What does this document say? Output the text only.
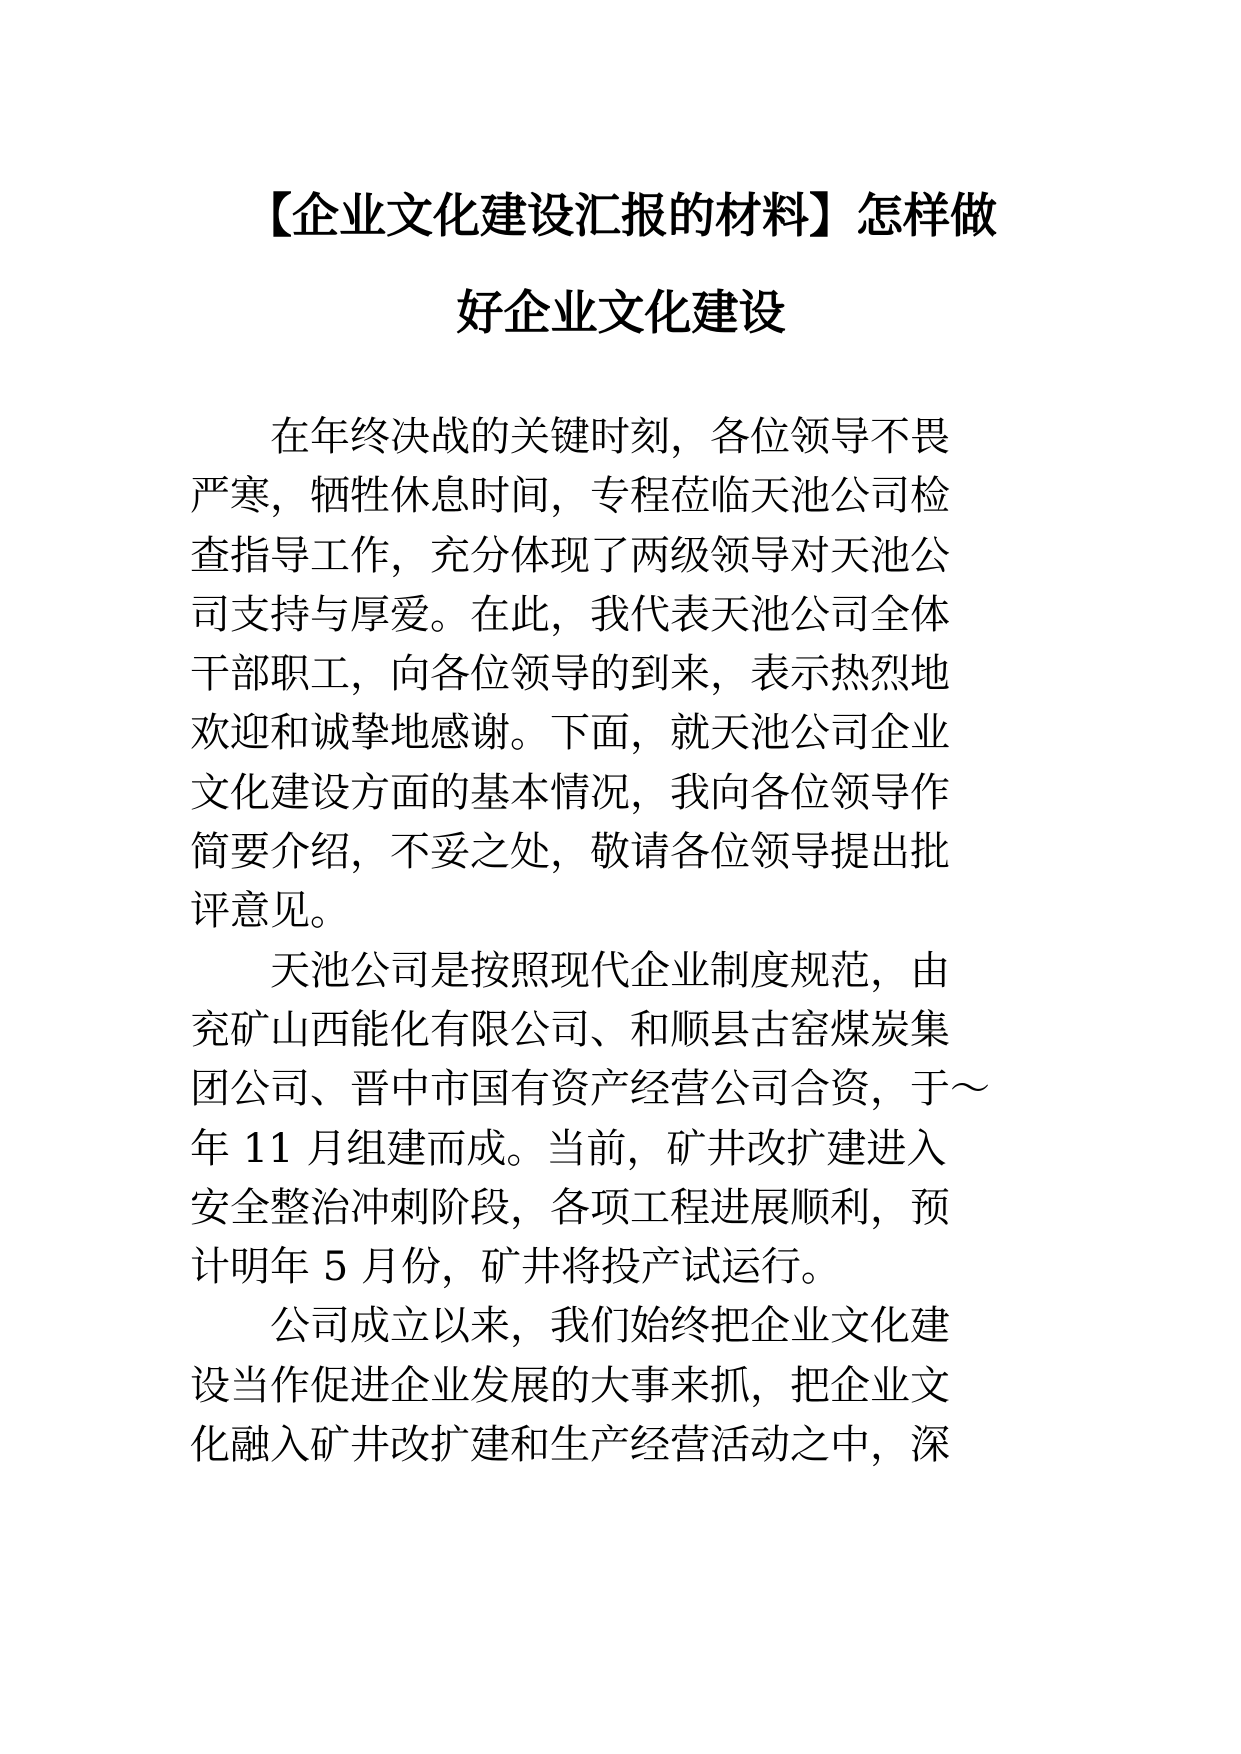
【企业文化建设汇报的材料】怎样做
好企业文化建设

　　在年终决战的关键时刻，各位领导不畏
严寒，牺牲休息时间，专程莅临天池公司检
查指导工作，充分体现了两级领导对天池公
司支持与厚爱。在此，我代表天池公司全体
干部职工，向各位领导的到来，表示热烈地
欢迎和诚挚地感谢。下面，就天池公司企业
文化建设方面的基本情况，我向各位领导作
简要介绍，不妥之处，敬请各位领导提出批
评意见。

　　天池公司是按照现代企业制度规范，由
兖矿山西能化有限公司、和顺县古窑煤炭集
团公司、晋中市国有资产经营公司合资，于～
年 11 月组建而成。当前，矿井改扩建进入
安全整治冲刺阶段，各项工程进展顺利，预
计明年 5 月份，矿井将投产试运行。

　　公司成立以来，我们始终把企业文化建
设当作促进企业发展的大事来抓，把企业文
化融入矿井改扩建和生产经营活动之中，深
